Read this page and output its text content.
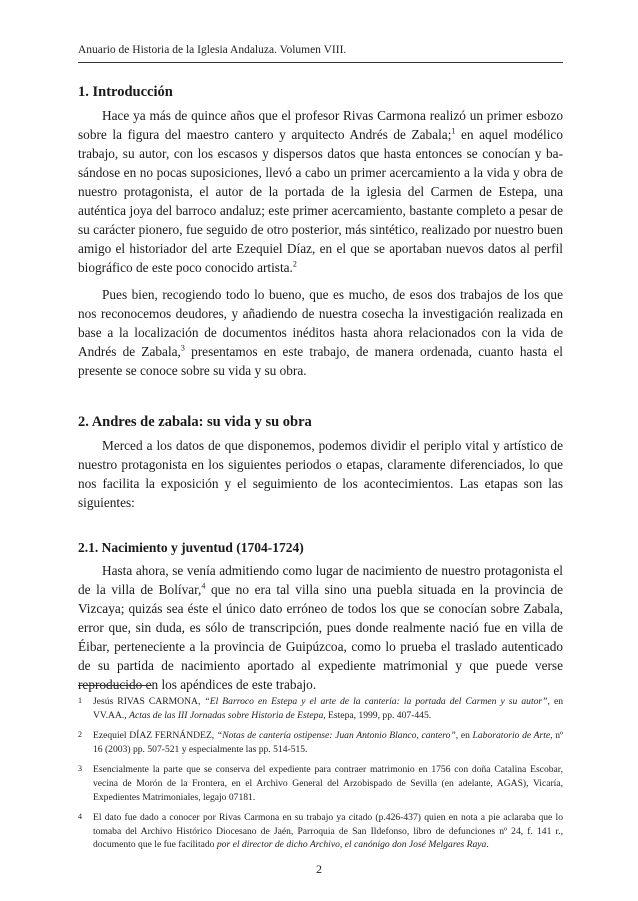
Anuario de Historia de la Iglesia Andaluza. Volumen VIII.
1. Introducción

Hace ya más de quince años que el profesor Rivas Carmona realizó un primer esbozo sobre la figura del maestro cantero y arquitecto Andrés de Zabala;$^1$ en aquel modélico trabajo, su autor, con los escasos y dispersos datos que hasta entonces se conocían y basándose en no pocas suposiciones, llevó a cabo un primer acercamiento a la vida y obra de nuestro protagonista, el autor de la portada de la iglesia del Carmen de Estepa, una auténtica joya del barroco andaluz; este primer acercamiento, bastante completo a pesar de su carácter pionero, fue seguido de otro posterior, más sintético, realizado por nuestro buen amigo el historiador del arte Ezequiel Díaz, en el que se aportaban nuevos datos al perfil biográfico de este poco conocido artista.$^2$

Pues bien, recogiendo todo lo bueno, que es mucho, de esos dos trabajos de los que nos reconocemos deudores, y añadiendo de nuestra cosecha la investigación realizada en base a la localización de documentos inéditos hasta ahora relacionados con la vida de Andrés de Zabala,$^3$ presentamos en este trabajo, de manera ordenada, cuanto hasta el presente se conoce sobre su vida y su obra.

2. Andres de zabala: su vida y su obra

Merced a los datos de que disponemos, podemos dividir el periplo vital y artístico de nuestro protagonista en los siguientes periodos o etapas, claramente diferenciados, lo que nos facilita la exposición y el seguimiento de los acontecimientos. Las etapas son las siguientes:

2.1. Nacimiento y juventud (1704-1724)

Hasta ahora, se venía admitiendo como lugar de nacimiento de nuestro protagonista el de la villa de Bolívar,$^4$ que no era tal villa sino una puebla situada en la provincia de Vizcaya; quizás sea éste el único dato erróneo de todos los que se conocían sobre Zabala, error que, sin duda, es sólo de transcripción, pues donde realmente nació fue en villa de Éibar, perteneciente a la provincia de Guipúzcoa, como lo prueba el traslado autenticado de su partida de nacimiento aportado al expediente matrimonial y que puede verse reproducido en los apéndices de este trabajo.

1	Jesús RIVAS CARMONA, “El Barroco en Estepa y el arte de la cantería: la portada del Carmen y su autor”, en VV.AA., Actas de las III Jornadas sobre Historia de Estepa, Estepa, 1999, pp. 407-445.
2	Ezequiel DÍAZ FERNÁNDEZ, “Notas de cantería ostipense: Juan Antonio Blanco, cantero”, en Laboratorio de Arte, nº 16 (2003) pp. 507-521 y especialmente las pp. 514-515.
3	Esencialmente la parte que se conserva del expediente para contraer matrimonio en 1756 con doña Catalina Escobar, vecina de Morón de la Frontera, en el Archivo General del Arzobispado de Sevilla (en adelante, AGAS), Vicaría, Expedientes Matrimoniales, legajo 07181.
4	El dato fue dado a conocer por Rivas Carmona en su trabajo ya citado (p.426-437) quien en nota a pie aclaraba que lo tomaba del Archivo Histórico Diocesano de Jaén, Parroquia de San Ildefonso, libro de defunciones nº 24, f. 141 r., documento que le fue facilitado por el director de dicho Archivo, el canónigo don José Melgares Raya.
2
